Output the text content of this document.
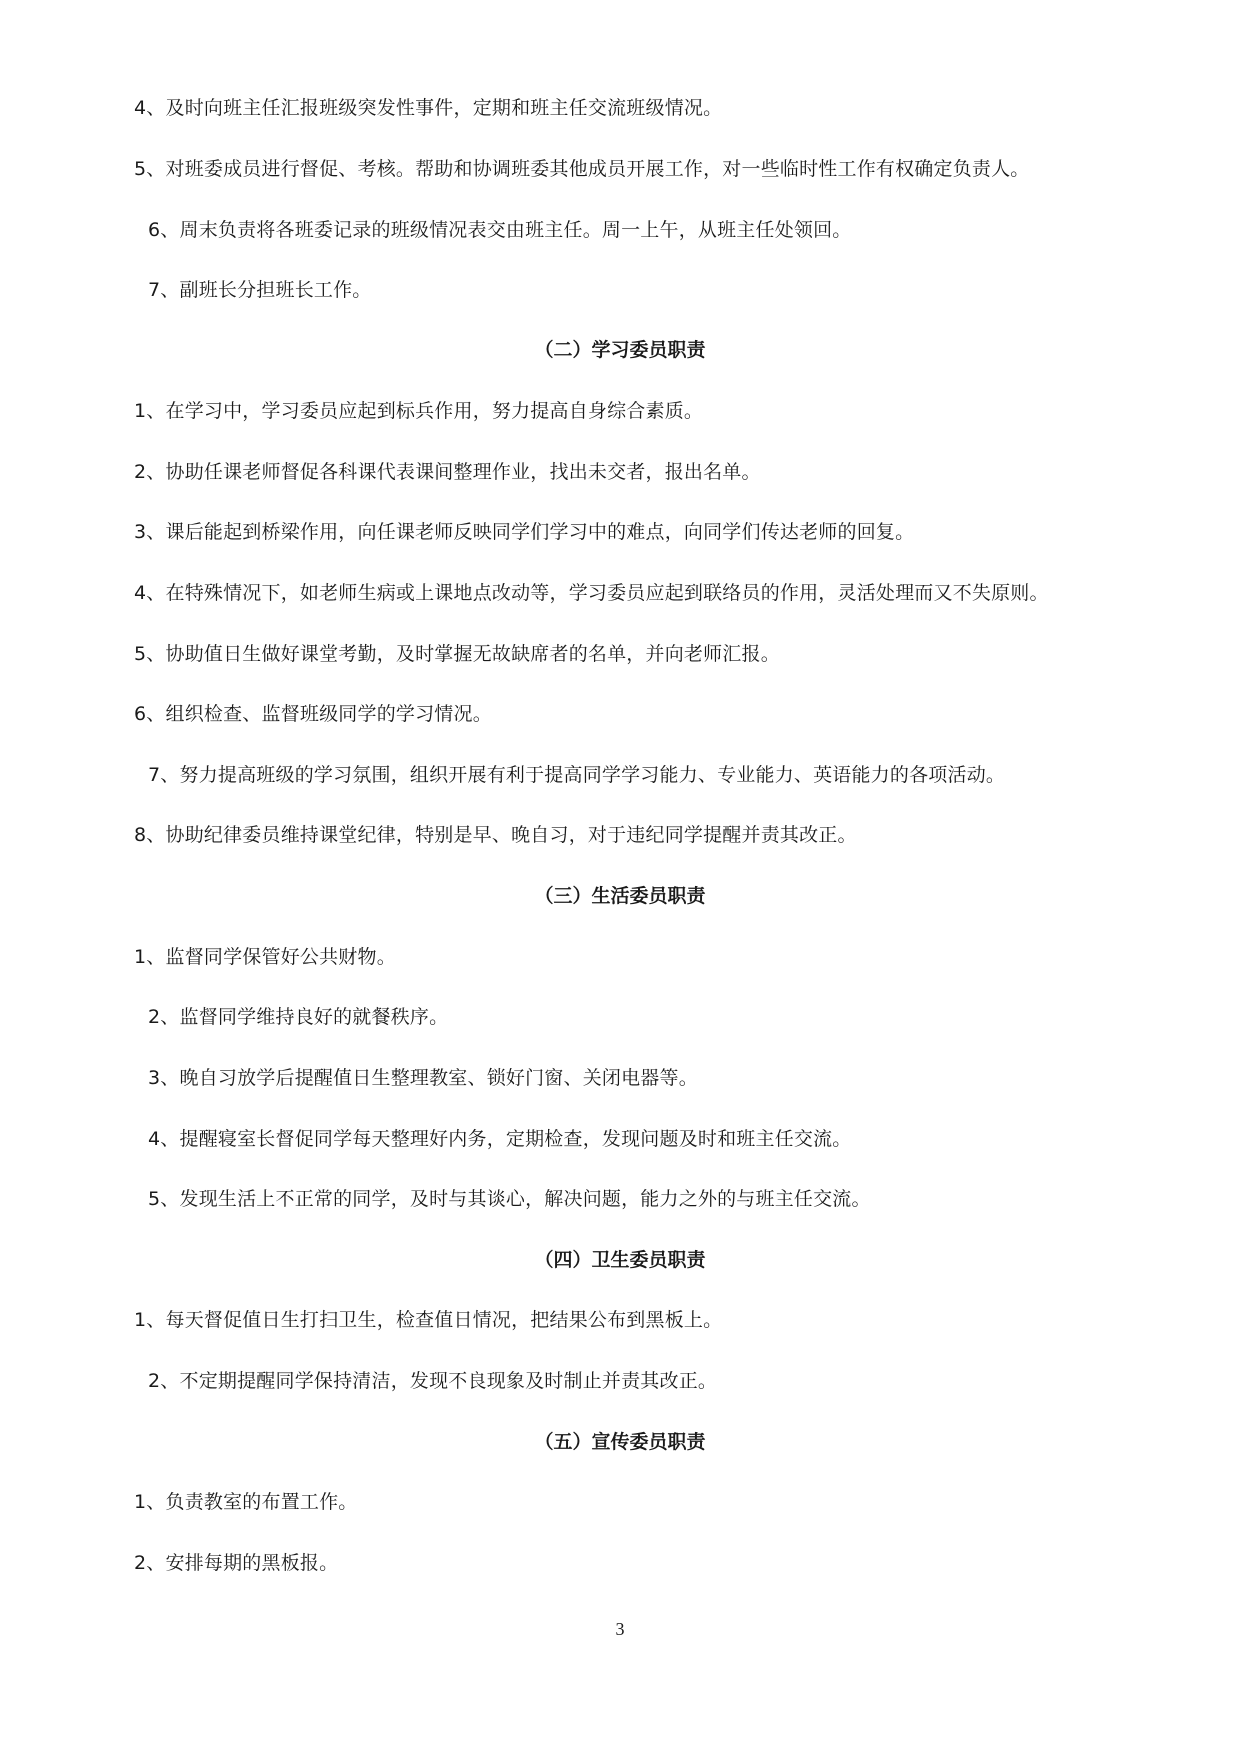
4、及时向班主任汇报班级突发性事件，定期和班主任交流班级情况。
5、对班委成员进行督促、考核。帮助和协调班委其他成员开展工作，对一些临时性工作有权确定负责人。
6、周末负责将各班委记录的班级情况表交由班主任。周一上午，从班主任处领回。
7、副班长分担班长工作。
（二）学习委员职责
1、在学习中，学习委员应起到标兵作用，努力提高自身综合素质。
2、协助任课老师督促各科课代表课间整理作业，找出未交者，报出名单。
3、课后能起到桥梁作用，向任课老师反映同学们学习中的难点，向同学们传达老师的回复。
4、在特殊情况下，如老师生病或上课地点改动等，学习委员应起到联络员的作用，灵活处理而又不失原则。
5、协助值日生做好课堂考勤，及时掌握无故缺席者的名单，并向老师汇报。
6、组织检查、监督班级同学的学习情况。
7、努力提高班级的学习氛围，组织开展有利于提高同学学习能力、专业能力、英语能力的各项活动。
8、协助纪律委员维持课堂纪律，特别是早、晚自习，对于违纪同学提醒并责其改正。
（三）生活委员职责
1、监督同学保管好公共财物。
2、监督同学维持良好的就餐秩序。
3、晚自习放学后提醒值日生整理教室、锁好门窗、关闭电器等。
4、提醒寝室长督促同学每天整理好内务，定期检查，发现问题及时和班主任交流。
5、发现生活上不正常的同学，及时与其谈心，解决问题，能力之外的与班主任交流。
（四）卫生委员职责
1、每天督促值日生打扫卫生，检查值日情况，把结果公布到黑板上。
2、不定期提醒同学保持清洁，发现不良现象及时制止并责其改正。
（五）宣传委员职责
1、负责教室的布置工作。
2、安排每期的黑板报。
3
